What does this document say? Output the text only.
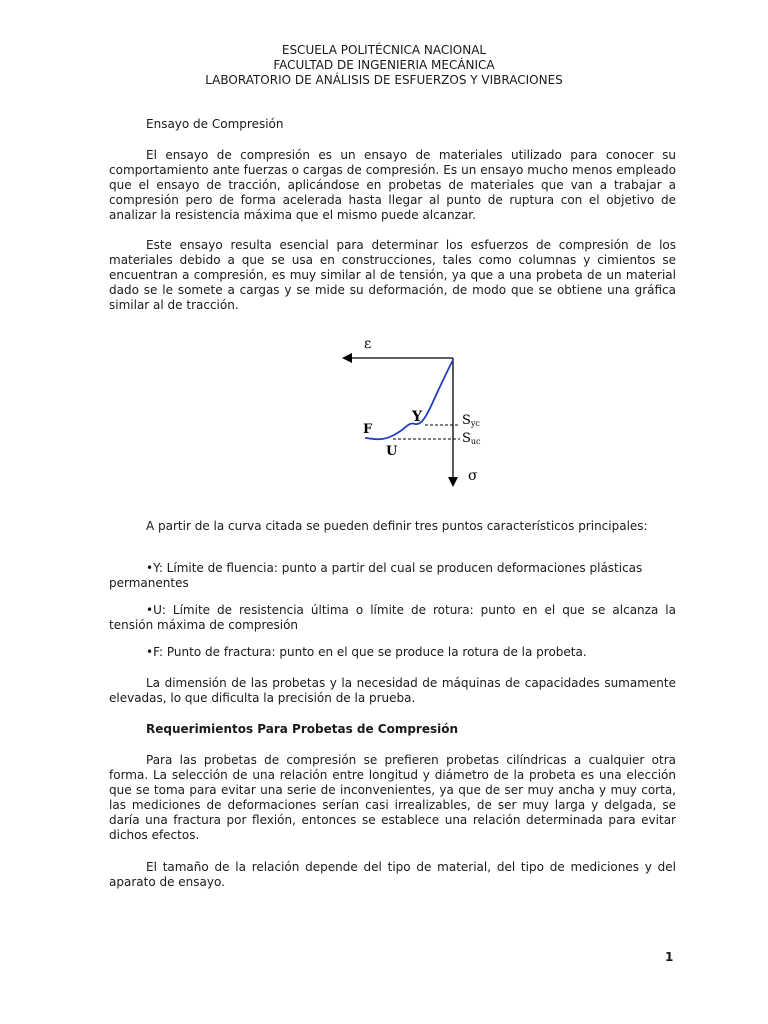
ESCUELA POLITÉCNICA NACIONAL
FACULTAD DE INGENIERIA MECÁNICA
LABORATORIO DE ANÁLISIS DE ESFUERZOS Y VIBRACIONES

Ensayo de Compresión

El ensayo de compresión es un ensayo de materiales utilizado para conocer su comportamiento ante fuerzas o cargas de compresión. Es un ensayo mucho menos empleado que el ensayo de tracción, aplicándose en probetas de materiales que van a trabajar a compresión pero de forma acelerada hasta llegar al punto de ruptura con el objetivo de analizar la resistencia máxima que el mismo puede alcanzar.

Este ensayo resulta esencial para determinar los esfuerzos de compresión de los materiales debido a que se usa en construcciones, tales como columnas y cimientos se encuentran a compresión, es muy similar al de tensión, ya que a una probeta de un material dado se le somete a cargas y se mide su deformación, de modo que se obtiene una gráfica similar al de tracción.

ε
σ
Y
U
F
Syc
Suc

A partir de la curva citada se pueden definir tres puntos característicos principales:

•Y: Límite de fluencia: punto a partir del cual se producen deformaciones plásticas permanentes

•U: Límite de resistencia última o límite de rotura: punto en el que se alcanza la tensión máxima de compresión

•F: Punto de fractura: punto en el que se produce la rotura de la probeta.

La dimensión de las probetas y la necesidad de máquinas de capacidades sumamente elevadas, lo que dificulta la precisión de la prueba.

Requerimientos Para Probetas de Compresión

Para las probetas de compresión se prefieren probetas cilíndricas a cualquier otra forma. La selección de una relación entre longitud y diámetro de la probeta es una elección que se toma para evitar una serie de inconvenientes, ya que de ser muy ancha y muy corta, las mediciones de deformaciones serían casi irrealizables, de ser muy larga y delgada, se daría una fractura por flexión, entonces se establece una relación determinada para evitar dichos efectos.

El tamaño de la relación depende del tipo de material, del tipo de mediciones y del aparato de ensayo.

1
